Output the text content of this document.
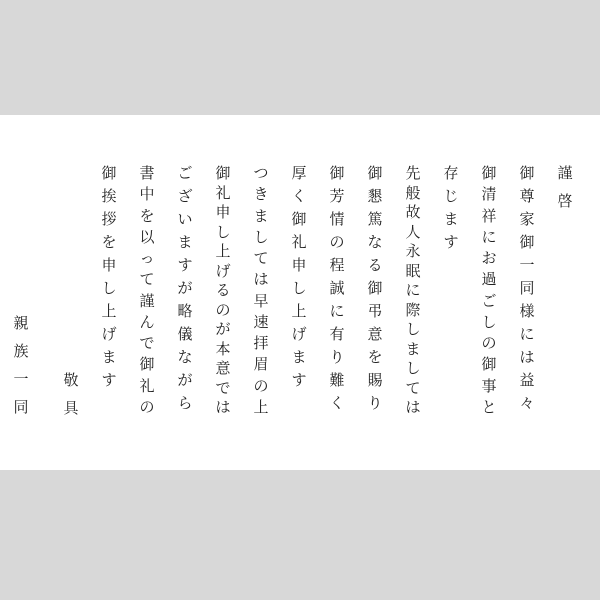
謹
啓
御
尊
家
御
一
同
様
に
は
益
々
御
清
祥
に
お
過
ご
し
の
御
事
と
存
じ
ま
す
先
般
故
人
永
眠
に
際
し
ま
し
て
は
御
懇
篤
な
る
御
弔
意
を
賜
り
御
芳
情
の
程
誠
に
有
り
難
く
厚
く
御
礼
申
し
上
げ
ま
す
つ
き
ま
し
て
は
早
速
拝
眉
の
上
御
礼
申
し
上
げ
る
の
が
本
意
で
は
ご
ざ
い
ま
す
が
略
儀
な
が
ら
書
中
を
以
っ
て
謹
ん
で
御
礼
の
御
挨
拶
を
申
し
上
げ
ま
す
敬
具
親
族
一
同
